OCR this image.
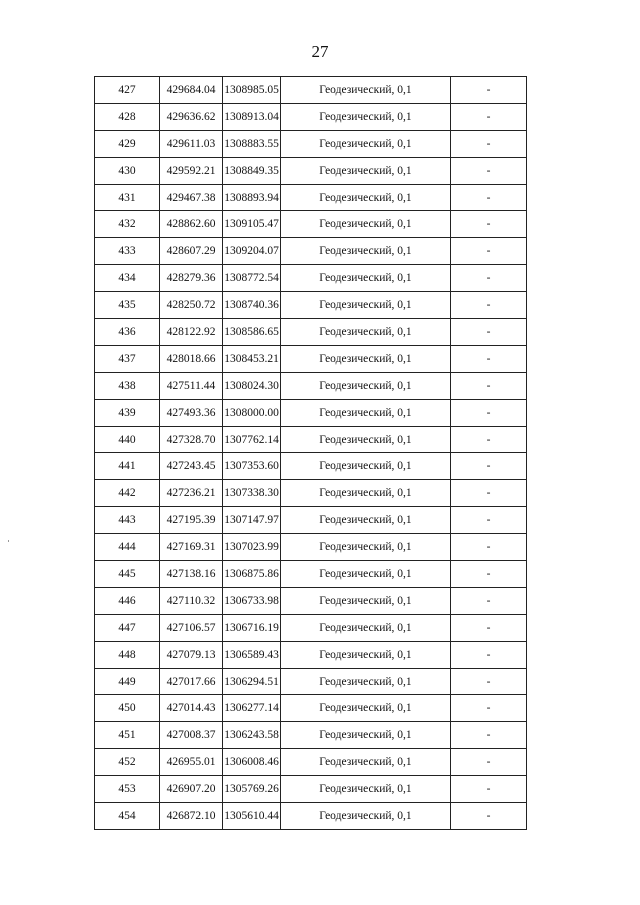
27
427	429684.04	1308985.05	Геодезический, 0,1	-
428	429636.62	1308913.04	Геодезический, 0,1	-
429	429611.03	1308883.55	Геодезический, 0,1	-
430	429592.21	1308849.35	Геодезический, 0,1	-
431	429467.38	1308893.94	Геодезический, 0,1	-
432	428862.60	1309105.47	Геодезический, 0,1	-
433	428607.29	1309204.07	Геодезический, 0,1	-
434	428279.36	1308772.54	Геодезический, 0,1	-
435	428250.72	1308740.36	Геодезический, 0,1	-
436	428122.92	1308586.65	Геодезический, 0,1	-
437	428018.66	1308453.21	Геодезический, 0,1	-
438	427511.44	1308024.30	Геодезический, 0,1	-
439	427493.36	1308000.00	Геодезический, 0,1	-
440	427328.70	1307762.14	Геодезический, 0,1	-
441	427243.45	1307353.60	Геодезический, 0,1	-
442	427236.21	1307338.30	Геодезический, 0,1	-
443	427195.39	1307147.97	Геодезический, 0,1	-
444	427169.31	1307023.99	Геодезический, 0,1	-
445	427138.16	1306875.86	Геодезический, 0,1	-
446	427110.32	1306733.98	Геодезический, 0,1	-
447	427106.57	1306716.19	Геодезический, 0,1	-
448	427079.13	1306589.43	Геодезический, 0,1	-
449	427017.66	1306294.51	Геодезический, 0,1	-
450	427014.43	1306277.14	Геодезический, 0,1	-
451	427008.37	1306243.58	Геодезический, 0,1	-
452	426955.01	1306008.46	Геодезический, 0,1	-
453	426907.20	1305769.26	Геодезический, 0,1	-
454	426872.10	1305610.44	Геодезический, 0,1	-
